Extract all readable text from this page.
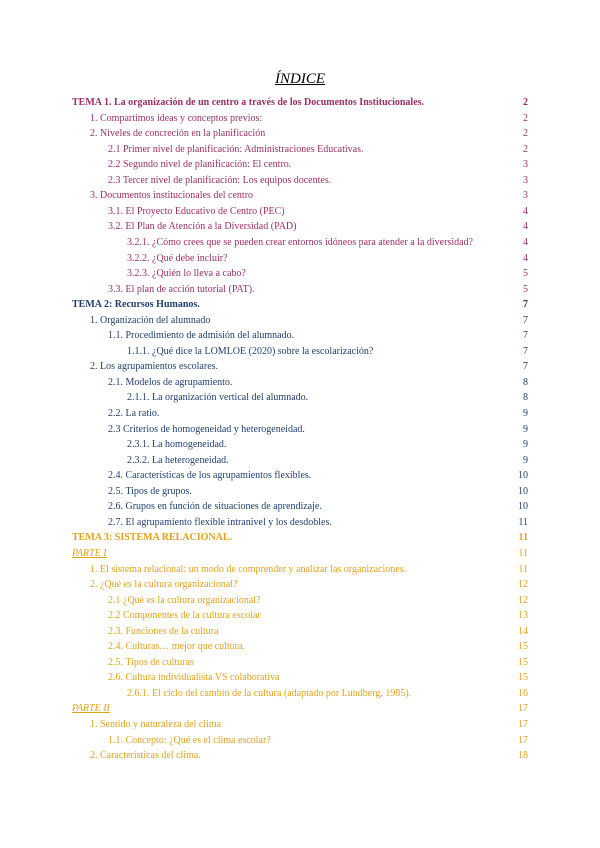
ÍNDICE
TEMA 1. La organización de un centro a través de los Documentos Institucionales.	2
1. Compartimos ideas y conceptos previos:	2
2. Niveles de concreción en la planificación	2
2.1 Primer nivel de planificación: Administraciones Educativas.	2
2.2 Segundo nivel de planificación: El centro.	3
2.3 Tercer nivel de planificación: Los equipos docentes.	3
3. Documentos institucionales del centro	3
3.1. El Proyecto Educativo de Centro (PEC)	4
3.2. El Plan de Atención a la Diversidad (PAD)	4
3.2.1. ¿Cómo crees que se pueden crear entornos idóneos para atender a la diversidad?	4
3.2.2. ¿Qué debe incluir?	4
3.2.3. ¿Quién lo lleva a cabo?	5
3.3. El plan de acción tutorial (PAT).	5
TEMA 2: Recursos Humanos.	7
1. Organización del alumnado	7
1.1. Procedimiento de admisión del alumnado.	7
1.1.1. ¿Qué dice la LOMLOE (2020) sobre la escolarización?	7
2. Los agrupamientos escolares.	7
2.1. Modelos de agrupamiento.	8
2.1.1. La organización vertical del alumnado.	8
2.2. La ratio.	9
2.3 Criterios de homogeneidad y heterogeneidad.	9
2.3.1. La homogeneidad.	9
2.3.2. La heterogeneidad.	9
2.4. Características de los agrupamientos flexibles.	10
2.5. Tipos de grupos.	10
2.6. Grupos en función de situaciones de aprendizaje.	10
2.7. El agrupamiento flexible intranivel y los desdobles.	11
TEMA 3: SISTEMA RELACIONAL.	11
PARTE I	11
1. El sistema relacional: un modo de comprender y analizar las organizaciones.	11
2. ¿Qué es la cultura organizacional?	12
2.1 ¿Qué es la cultura organizacional?	12
2.2 Componentes de la cultura escolar	13
2.3. Funciones de la cultura	14
2.4. Culturas… mejor que cultura.	15
2.5. Tipos de culturas	15
2.6. Cultura individualista VS colaborativa	15
2.6.1. El ciclo del cambio de la cultura (adaptado por Lundberg, 1985).	16
PARTE II	17
1. Sentido y naturaleza del clima	17
1.1. Concepto: ¿Qué es el clima escolar?	17
2. Características del clima.	18
